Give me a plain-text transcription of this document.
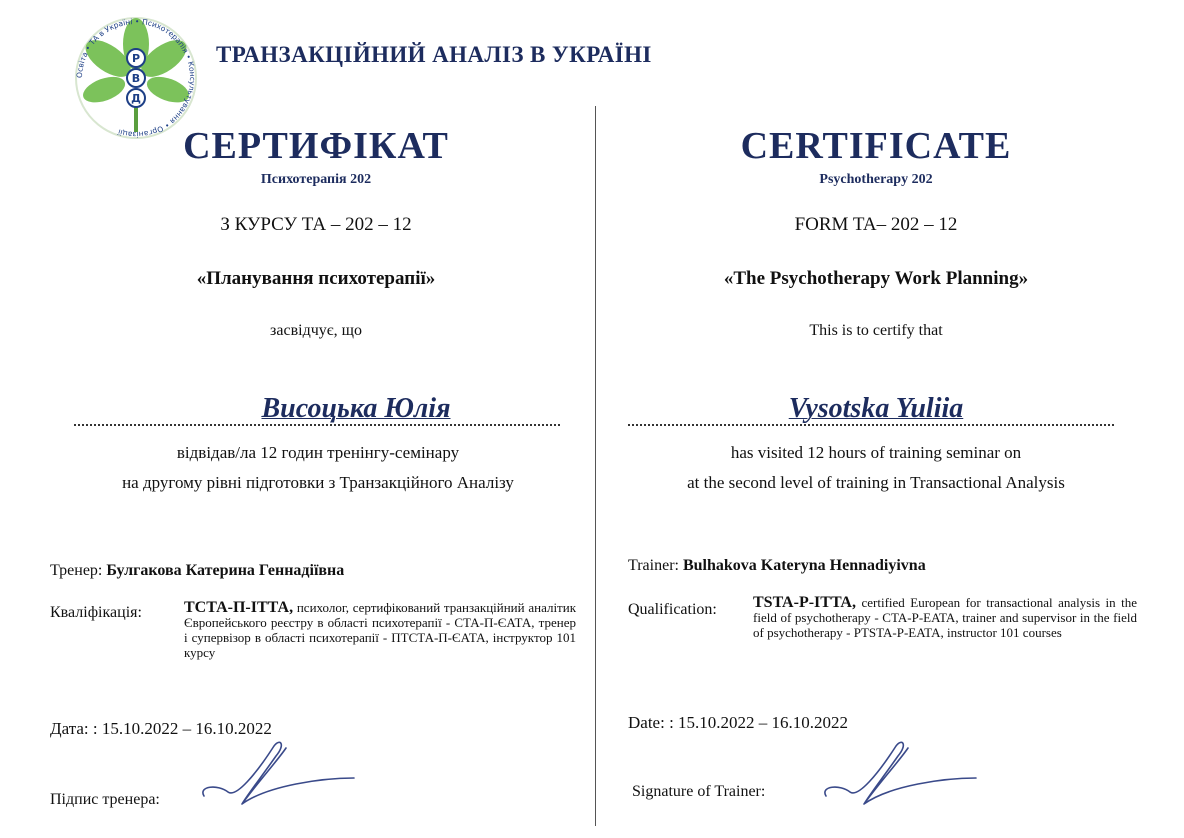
Р
В
Д
Освіта • ТА в Україні • Психотерапія • Консультування • Організації
ТРАНЗАКЦІЙНИЙ АНАЛІЗ В УКРАЇНІ
СЕРТИФІКАТ
Психотерапія 202
З КУРСУ ТА – 202 – 12
«Планування психотерапії»
засвідчує, що
Висоцька Юлія
відвідав/ла 12 годин тренінгу-семінару
на другому рівні підготовки з Транзакційного Аналізу
Тренер: Булгакова Катерина Геннадіївна
Кваліфікація:	ТСТА-П-ІТТА, психолог, сертифікований транзакційний аналітик Європейського реєстру в області психотерапії - СТА-П-ЄАТА, тренер і супервізор в області психотерапії - ПТСТА-П-ЄАТА, інструктор 101 курсу
Дата: : 15.10.2022 – 16.10.2022
Підпис тренера:
CERTIFICATE
Psychotherapy 202
FORM TA– 202 – 12
«The Psychotherapy Work Planning»
This is to certify that
Vysotska Yuliia
has visited 12 hours of training seminar on
at the second level of training in Transactional Analysis
Trainer: Bulhakova Kateryna Hennadiyivna
Qualification: TSTA-P-ITTA, certified European for transactional analysis in the field of psychotherapy - CTA-P-EATA, trainer and supervisor in the field of psychotherapy - PTSTA-P-EATA, instructor 101 courses
Date: : 15.10.2022 – 16.10.2022
Signature of Trainer:
